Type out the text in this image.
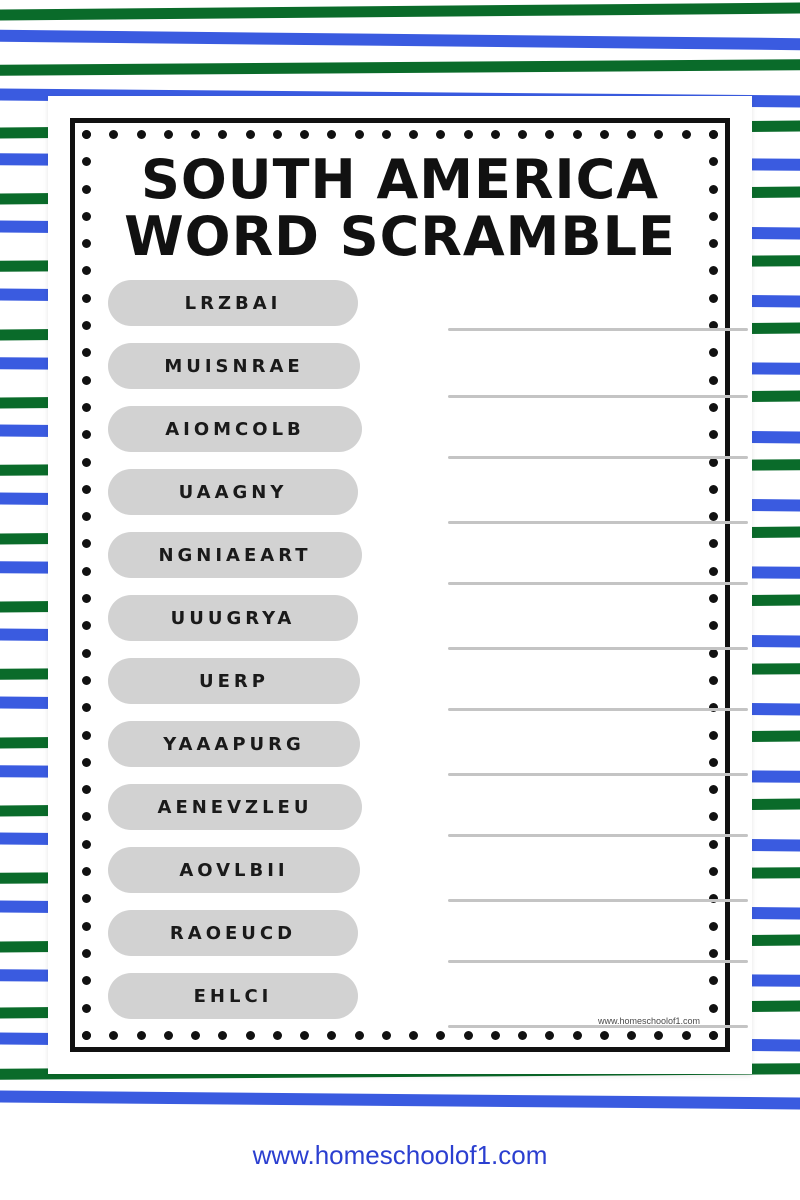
SOUTH AMERICA
WORD SCRAMBLE
LRZBAI
MUISNRAE
AIOMCOLB
UAAGNY
NGNIAEART
UUUGRYA
UERP
YAAAPURG
AENEVZLEU
AOVLBII
RAOEUCD
EHLCI
www.homeschoolof1.com
www.homeschoolof1.com
